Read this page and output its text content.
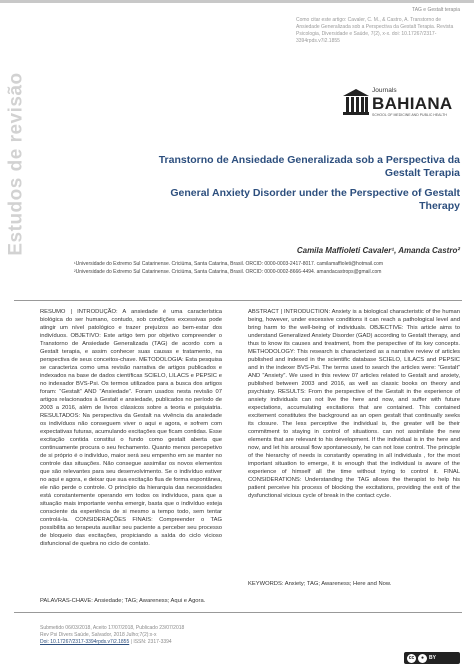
TAG e Gestalt terapia
Como citar este artigo: Cavaler, C. M., & Castro, A. Transtorno de Ansiedade Generalizada sob a Perspectiva da Gestalt Terapia. Revista Psicologia, Diversidade e Saúde, 7(2), x-x. doi: 10.17267/2317-3394rpds.v7i2.1855
Estudos de revisão	Journals
BAHIANA
SCHOOL OF MEDICINE AND PUBLIC HEALTH
Transtorno de Ansiedade Generalizada sob a Perspectiva da Gestalt Terapia
General Anxiety Disorder under the Perspective of Gestalt Therapy
Camila Maffioleti Cavaler¹, Amanda Castro²
¹Universidade do Extremo Sul Catarinense. Criciúma, Santa Catarina, Brasil. ORCID: 0000-0003-2417-8017. camilamaffioleti@hotmail.com
²Universidade do Extremo Sul Catarinense. Criciúma, Santa Catarina, Brasil. ORCID: 0000-0002-8666-4494. amandacastrops@gmail.com
RESUMO | INTRODUÇÃO: A ansiedade é uma característica biológica do ser humano, contudo, sob condições excessivas pode atingir um nível patológico e trazer prejuízos ao bem-estar dos indivíduos. OBJETIVO: Este artigo tem por objetivo compreender o Transtorno de Ansiedade Generalizada (TAG) de acordo com a Gestalt terapia, e assim conhecer suas causas e tratamento, na perspectiva de seus conceitos-chave. METODOLOGIA: Esta pesquisa se caracteriza como uma revisão narrativa de artigos publicados e indexados na base de dados científicas SCIELO, LILACS e PEPSIC e no indexador BVS-Psi. Os termos utilizados para a busca dos artigos foram: “Gestalt” AND “Ansiedade”. Foram usados nesta revisão 07 artigos relacionados à Gestalt e ansiedade, publicados no período de 2003 a 2016, além de livros clássicos sobre a teoria e psiquiatria. RESULTADOS: Na perspectiva da Gestalt na vivência da ansiedade os indivíduos não conseguem viver o aqui e agora, e sofrem com expectativas futuras, acumulando excitações que ficam contidas. Esse excitação contida constitui o fundo como gestalt aberta que continuamente procura o seu fechamento. Quanto menos percepetivo de si próprio é o indivíduo, maior será seu empenho em se manter no controle das situações. Não consegue assimilar os novos elementos que são relevantes para seu desenvolvimento. Se o indivíduo estiver no aqui e agora, e deixar que sua excitação flua de forma espontânea, ele não perde o controle. O princípio da hierarquia das necessidades está constantemente operando em todos os indivíduos, para que a situação mais importante venha emergir, basta que o indivíduo esteja consciente da experiência de si mesmo a tempo todo, sem tentar controlá-la. CONSIDERAÇÕES FINAIS: Compreender o TAG possibilita ao terapeuta auxiliar seu paciente a perceber seu processo de bloqueio das excitações, propiciando a saída do ciclo vicioso disfuncional de quebra no ciclo de contato.
PALAVRAS-CHAVE: Ansiedade; TAG; Awareness; Aqui e Agora.
ABSTRACT | INTRODUCTION: Anxiety is a biological characteristic of the human being, however, under excessive conditions it can reach a pathological level and bring harm to the well-being of individuals. OBJECTIVE: This article aims to understand Generalized Anxiety Disorder (GAD) according to Gestalt therapy, and thus to know its causes and treatment, from the perspective of its key concepts. METHODOLOGY: This research is characterized as a narrative review of articles published and indexed in the scientific database SCIELO, LILACS and PEPSIC and in the indexer BVS-Psi. The terms used to search the articles were: “Gestalt” AND “Anxiety”. We used in this review 07 articles related to Gestalt and anxiety, published between 2003 and 2016, as well as classic books on theory and psychiatry. RESULTS: From the perspective of the Gestalt in the experience of anxiety individuals can not live the here and now, and suffer with future expectations, accumulating excitations that are contained. This contained excitement constitutes the background as an open gestalt that continually seeks its closure. The less perceptive the individual is, the greater will be their commitment to staying in control of situations. can not assimilate the new elements that are relevant to his development. If the individual is in the here and now, and let his arousal flow spontaneously, he can not lose control. The principle of the hierarchy of needs is constantly operating in all individuals , for the most important situation to emerge, it is enough that the individual is aware of the experience of himself all the time without trying to control it. FINAL CONSIDERATIONS: Understanding the TAG allows the therapist to help his patient perceive his process of blocking the excitations, providing the exit of the dysfunctional vicious cycle of break in the contact cycle.
KEYWORDS: Anxiety; TAG; Awareness; Here and Now.
Submetido 06/03/2018, Aceito 17/07/2018, Publicado 23/07/2018
Rev Psi Divers Saúde, Salvador, 2018 Julho;7(2):x-x
Doi: 10.17267/2317-3394rpds.v7i2.1855 | ISSN: 2317-3394
cc	● BY
